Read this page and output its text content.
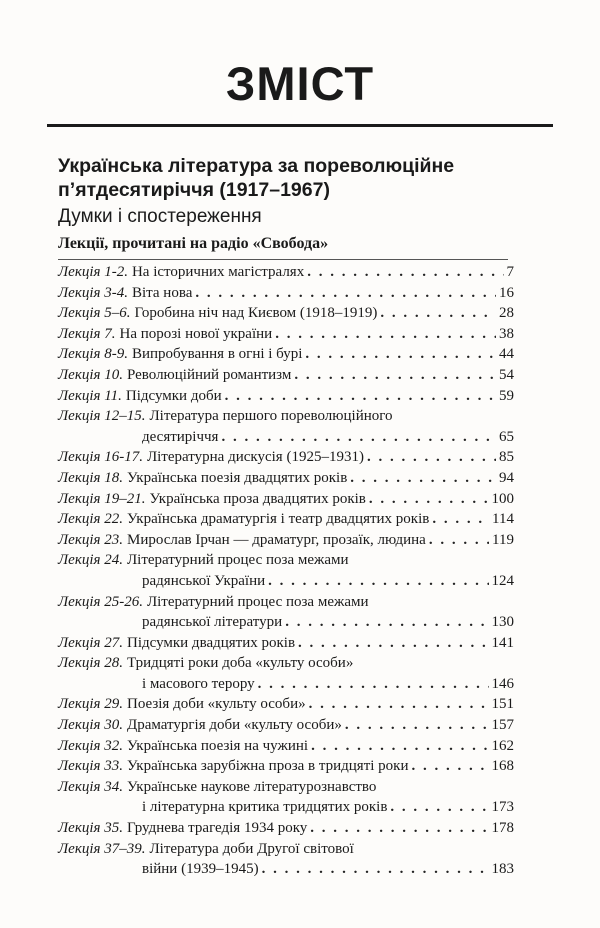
ЗМІСТ
Українська література за пореволюційне
п’ятдесятиріччя (1917–1967)
Думки і спостереження
Лекції, прочитані на радіо «Свобода»
Лекція 1-2. На історичних магістралях . . .	7
Лекція 3-4. Віта нова . . .	16
Лекція 5–6. Горобина ніч над Києвом (1918–1919) . . .	28
Лекція 7. На порозі нової україни . . .	38
Лекція 8-9. Випробування в огні і бурі . . .	44
Лекція 10. Революційний романтизм . . .	54
Лекція 11. Підсумки доби . . .	59
Лекція 12–15. Література першого пореволюційного
десятиріччя . . .	65
Лекція 16-17. Літературна дискусія (1925–1931) . . .	85
Лекція 18. Українська поезія двадцятих років . . .	94
Лекція 19–21. Українська проза двадцятих років . . .	100
Лекція 22. Українська драматургія і театр двадцятих років . . .	114
Лекція 23. Мирослав Ірчан — драматург, прозаїк, людина . . .	119
Лекція 24. Літературний процес поза межами
радянської України . . .	124
Лекція 25-26. Літературний процес поза межами
радянської літератури . . .	130
Лекція 27. Підсумки двадцятих років . . .	141
Лекція 28. Тридцяті роки доба «культу особи»
і масового терору . . .	146
Лекція 29. Поезія доби «культу особи» . . .	151
Лекція 30. Драматургія доби «культу особи» . . .	157
Лекція 32. Українська поезія на чужині . . .	162
Лекція 33. Українська зарубіжна проза в тридцяті роки . . .	168
Лекція 34. Українське наукове літературознавство
і літературна критика тридцятих років . . .	173
Лекція 35. Груднева трагедія 1934 року . . .	178
Лекція 37–39. Література доби Другої світової
війни (1939–1945) . . .	183
